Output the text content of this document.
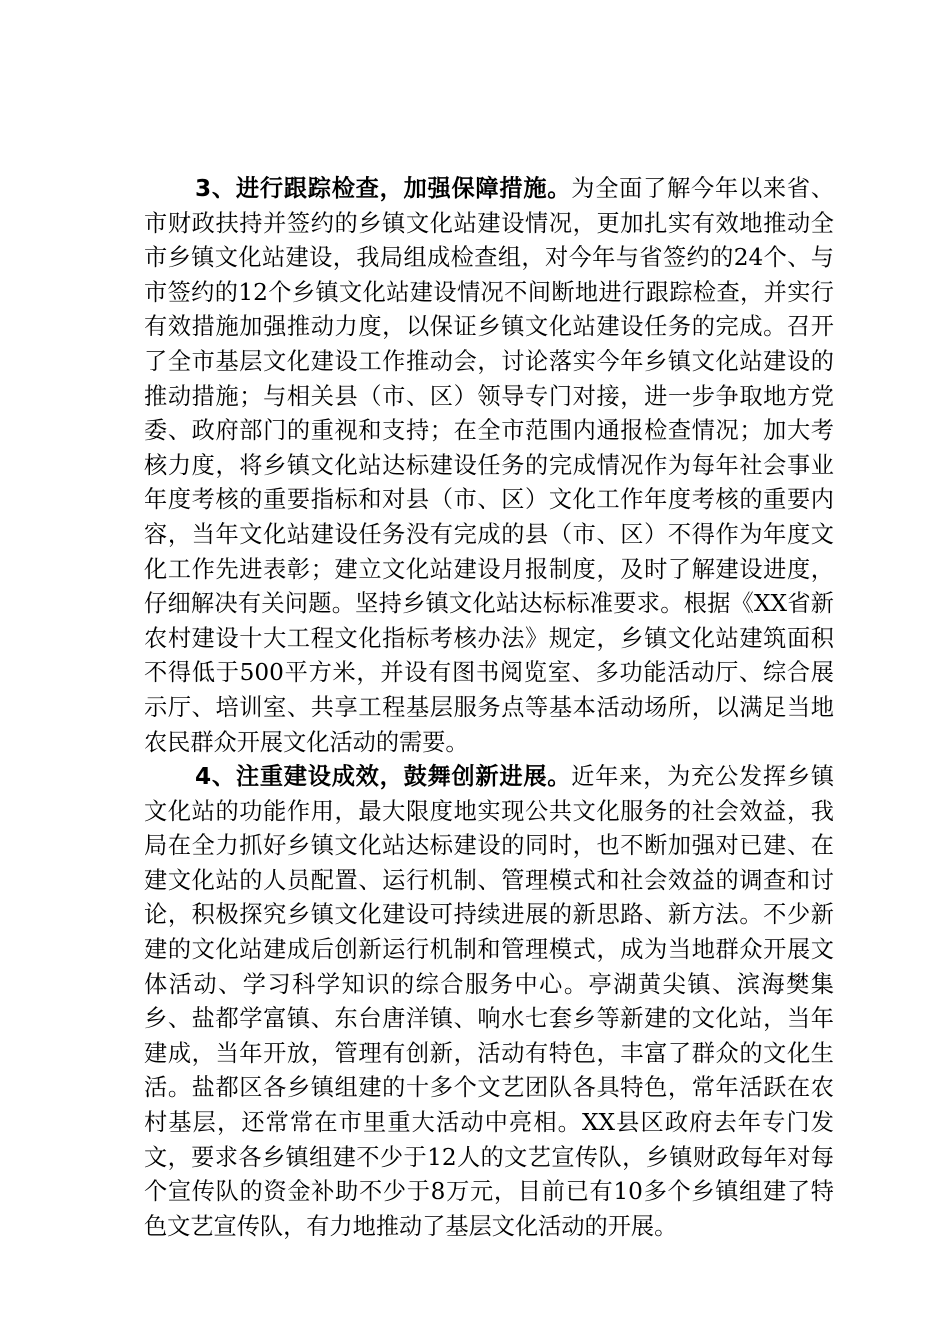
3、进行跟踪检查，加强保障措施。为全面了解今年以来省、市财政扶持并签约的乡镇文化站建设情况，更加扎实有效地推动全市乡镇文化站建设，我局组成检查组，对今年与省签约的24个、与市签约的12个乡镇文化站建设情况不间断地进行跟踪检查，并实行有效措施加强推动力度，以保证乡镇文化站建设任务的完成。召开了全市基层文化建设工作推动会，讨论落实今年乡镇文化站建设的推动措施；与相关县（市、区）领导专门对接，进一步争取地方党委、政府部门的重视和支持；在全市范围内通报检查情况；加大考核力度，将乡镇文化站达标建设任务的完成情况作为每年社会事业年度考核的重要指标和对县（市、区）文化工作年度考核的重要内容，当年文化站建设任务没有完成的县（市、区）不得作为年度文化工作先进表彰；建立文化站建设月报制度，及时了解建设进度，仔细解决有关问题。坚持乡镇文化站达标标准要求。根据《XX省新农村建设十大工程文化指标考核办法》规定，乡镇文化站建筑面积不得低于500平方米，并设有图书阅览室、多功能活动厅、综合展示厅、培训室、共享工程基层服务点等基本活动场所，以满足当地农民群众开展文化活动的需要。

4、注重建设成效，鼓舞创新进展。近年来，为充公发挥乡镇文化站的功能作用，最大限度地实现公共文化服务的社会效益，我局在全力抓好乡镇文化站达标建设的同时，也不断加强对已建、在建文化站的人员配置、运行机制、管理模式和社会效益的调查和讨论，积极探究乡镇文化建设可持续进展的新思路、新方法。不少新建的文化站建成后创新运行机制和管理模式，成为当地群众开展文体活动、学习科学知识的综合服务中心。亭湖黄尖镇、滨海樊集乡、盐都学富镇、东台唐洋镇、响水七套乡等新建的文化站，当年建成，当年开放，管理有创新，活动有特色，丰富了群众的文化生活。盐都区各乡镇组建的十多个文艺团队各具特色，常年活跃在农村基层，还常常在市里重大活动中亮相。XX县区政府去年专门发文，要求各乡镇组建不少于12人的文艺宣传队，乡镇财政每年对每个宣传队的资金补助不少于8万元，目前已有10多个乡镇组建了特色文艺宣传队，有力地推动了基层文化活动的开展。
